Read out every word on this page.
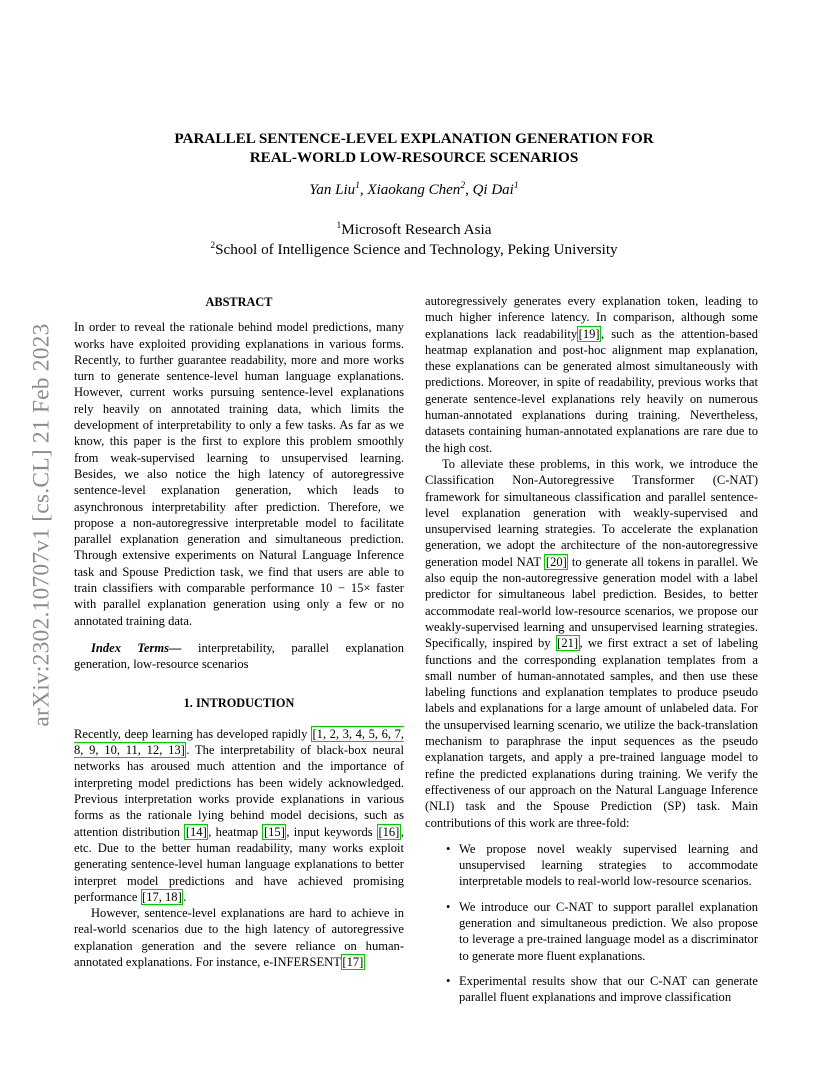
arXiv:2302.10707v1 [cs.CL] 21 Feb 2023
PARALLEL SENTENCE-LEVEL EXPLANATION GENERATION FOR
REAL-WORLD LOW-RESOURCE SCENARIOS
Yan Liu$^1$, Xiaokang Chen$^2$, Qi Dai$^1$
$^1$Microsoft Research Asia
$^2$School of Intelligence Science and Technology, Peking University
ABSTRACT

In order to reveal the rationale behind model predictions, many works have exploited providing explanations in various forms. Recently, to further guarantee readability, more and more works turn to generate sentence-level human language explanations. However, current works pursuing sentence-level explanations rely heavily on annotated training data, which limits the development of interpretability to only a few tasks. As far as we know, this paper is the first to explore this problem smoothly from weak-supervised learning to unsupervised learning. Besides, we also notice the high latency of autoregressive sentence-level explanation generation, which leads to asynchronous interpretability after prediction. Therefore, we propose a non-autoregressive interpretable model to facilitate parallel explanation generation and simultaneous prediction. Through extensive experiments on Natural Language Inference task and Spouse Prediction task, we find that users are able to train classifiers with comparable performance 10 − 15× faster with parallel explanation generation using only a few or no annotated training data.

Index Terms— interpretability, parallel explanation generation, low-resource scenarios

1. INTRODUCTION

Recently, deep learning has developed rapidly [1, 2, 3, 4, 5, 6, 7, 8, 9, 10, 11, 12, 13] . The interpretability of black-box neural networks has aroused much attention and the importance of interpreting model predictions has been widely acknowledged. Previous interpretation works provide explanations in various forms as the rationale lying behind model decisions, such as attention distribution [14] , heatmap [15] , input keywords [16] , etc. Due to the better human readability, many works exploit generating sentence-level human language explanations to better interpret model predictions and have achieved promising performance [17, 18] .

However, sentence-level explanations are hard to achieve in real-world scenarios due to the high latency of autoregressive explanation generation and the severe reliance on human-annotated explanations. For instance, e-INFERSENT [17]

autoregressively generates every explanation token, leading to much higher inference latency. In comparison, although some explanations lack readability [19] , such as the attention-based heatmap explanation and post-hoc alignment map explanation, these explanations can be generated almost simultaneously with predictions. Moreover, in spite of readability, previous works that generate sentence-level explanations rely heavily on numerous human-annotated explanations during training. Nevertheless, datasets containing human-annotated explanations are rare due to the high cost.

To alleviate these problems, in this work, we introduce the Classification Non-Autoregressive Transformer (C-NAT) framework for simultaneous classification and parallel sentence-level explanation generation with weakly-supervised and unsupervised learning strategies. To accelerate the explanation generation, we adopt the architecture of the non-autoregressive generation model NAT [20] to generate all tokens in parallel. We also equip the non-autoregressive generation model with a label predictor for simultaneous label prediction. Besides, to better accommodate real-world low-resource scenarios, we propose our weakly-supervised learning and unsupervised learning strategies. Specifically, inspired by [21] , we first extract a set of labeling functions and the corresponding explanation templates from a small number of human-annotated samples, and then use these labeling functions and explanation templates to produce pseudo labels and explanations for a large amount of unlabeled data. For the unsupervised learning scenario, we utilize the back-translation mechanism to paraphrase the input sequences as the pseudo explanation targets, and apply a pre-trained language model to refine the predicted explanations during training. We verify the effectiveness of our approach on the Natural Language Inference (NLI) task and the Spouse Prediction (SP) task. Main contributions of this work are three-fold:

• We propose novel weakly supervised learning and unsupervised learning strategies to accommodate interpretable models to real-world low-resource scenarios.
• We introduce our C-NAT to support parallel explanation generation and simultaneous prediction. We also propose to leverage a pre-trained language model as a discriminator to generate more fluent explanations.
• Experimental results show that our C-NAT can generate parallel fluent explanations and improve classification
